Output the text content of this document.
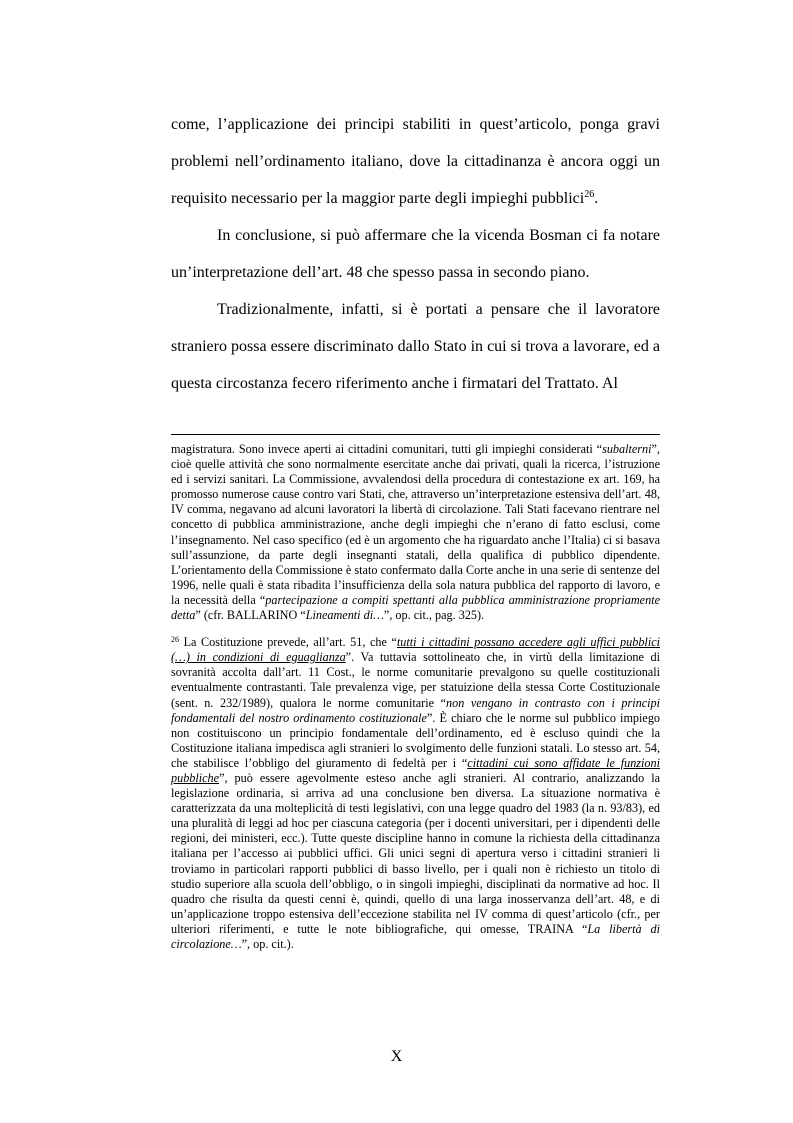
come, l’applicazione dei principi stabiliti in quest’articolo, ponga gravi problemi nell’ordinamento italiano, dove la cittadinanza è ancora oggi un requisito necessario per la maggior parte degli impieghi pubblici$^{26}$.

In conclusione, si può affermare che la vicenda Bosman ci fa notare un’interpretazione dell’art. 48 che spesso passa in secondo piano.

Tradizionalmente, infatti, si è portati a pensare che il lavoratore straniero possa essere discriminato dallo Stato in cui si trova a lavorare, ed a questa circostanza fecero riferimento anche i firmatari del Trattato. Al

magistratura. Sono invece aperti ai cittadini comunitari, tutti gli impieghi considerati “subalterni”, cioè quelle attività che sono normalmente esercitate anche dai privati, quali la ricerca, l’istruzione ed i servizi sanitari. La Commissione, avvalendosi della procedura di contestazione ex art. 169, ha promosso numerose cause contro vari Stati, che, attraverso un’interpretazione estensiva dell’art. 48, IV comma, negavano ad alcuni lavoratori la libertà di circolazione. Tali Stati facevano rientrare nel concetto di pubblica amministrazione, anche degli impieghi che n’erano di fatto esclusi, come l’insegnamento. Nel caso specifico (ed è un argomento che ha riguardato anche l’Italia) ci si basava sull’assunzione, da parte degli insegnanti statali, della qualifica di pubblico dipendente. L’orientamento della Commissione è stato confermato dalla Corte anche in una serie di sentenze del 1996, nelle quali è stata ribadita l’insufficienza della sola natura pubblica del rapporto di lavoro, e la necessità della “partecipazione a compiti spettanti alla pubblica amministrazione propriamente detta” (cfr. BALLARINO “Lineamenti di…”, op. cit., pag. 325).

$^{26}$ La Costituzione prevede, all’art. 51, che “tutti i cittadini possano accedere agli uffici pubblici (…) in condizioni di eguaglianza”. Va tuttavia sottolineato che, in virtù della limitazione di sovranità accolta dall’art. 11 Cost., le norme comunitarie prevalgono su quelle costituzionali eventualmente contrastanti. Tale prevalenza vige, per statuizione della stessa Corte Costituzionale (sent. n. 232/1989), qualora le norme comunitarie “non vengano in contrasto con i principi fondamentali del nostro ordinamento costituzionale”. È chiaro che le norme sul pubblico impiego non costituiscono un principio fondamentale dell’ordinamento, ed è escluso quindi che la Costituzione italiana impedisca agli stranieri lo svolgimento delle funzioni statali. Lo stesso art. 54, che stabilisce l’obbligo del giuramento di fedeltà per i “cittadini cui sono affidate le funzioni pubbliche”, può essere agevolmente esteso anche agli stranieri. Al contrario, analizzando la legislazione ordinaria, si arriva ad una conclusione ben diversa. La situazione normativa è caratterizzata da una molteplicità di testi legislativi, con una legge quadro del 1983 (la n. 93/83), ed una pluralità di leggi ad hoc per ciascuna categoria (per i docenti universitari, per i dipendenti delle regioni, dei ministeri, ecc.). Tutte queste discipline hanno in comune la richiesta della cittadinanza italiana per l’accesso ai pubblici uffici. Gli unici segni di apertura verso i cittadini stranieri li troviamo in particolari rapporti pubblici di basso livello, per i quali non è richiesto un titolo di studio superiore alla scuola dell’obbligo, o in singoli impieghi, disciplinati da normative ad hoc. Il quadro che risulta da questi cenni è, quindi, quello di una larga inosservanza dell’art. 48, e di un’applicazione troppo estensiva dell’eccezione stabilita nel IV comma di quest’articolo (cfr., per ulteriori riferimenti, e tutte le note bibliografiche, qui omesse, TRAINA “La libertà di circolazione…”, op. cit.).

X
